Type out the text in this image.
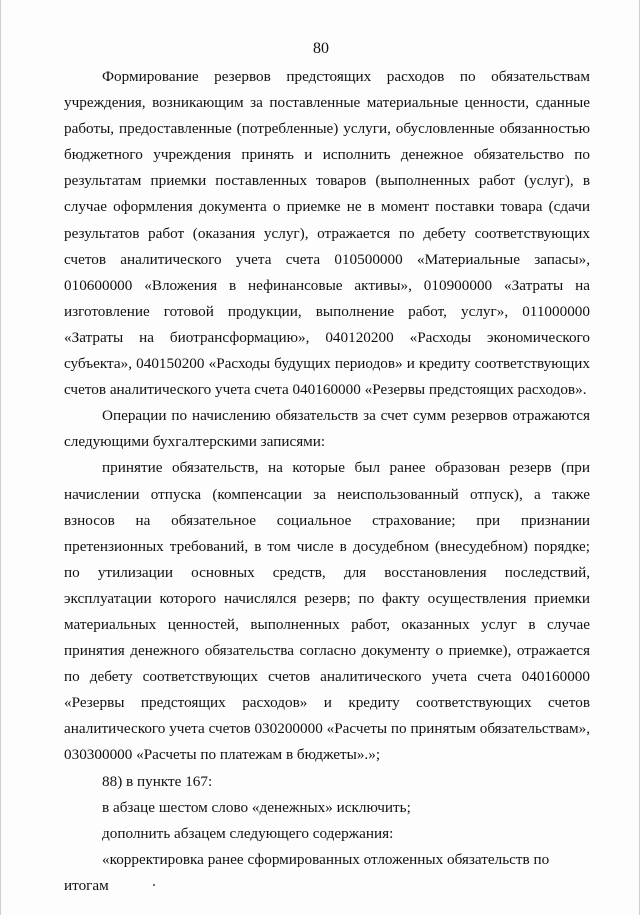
80

Формирование резервов предстоящих расходов по обязательствам учреждения, возникающим за поставленные материальные ценности, сданные работы, предоставленные (потребленные) услуги, обусловленные обязанностью бюджетного учреждения принять и исполнить денежное обязательство по результатам приемки поставленных товаров (выполненных работ (услуг), в случае оформления документа о приемке не в момент поставки товара (сдачи результатов работ (оказания услуг), отражается по дебету соответствующих счетов аналитического учета счета 010500000 «Материальные запасы», 010600000 «Вложения в нефинансовые активы», 010900000 «Затраты на изготовление готовой продукции, выполнение работ, услуг», 011000000 «Затраты на биотрансформацию», 040120200 «Расходы экономического субъекта», 040150200 «Расходы будущих периодов» и кредиту соответствующих счетов аналитического учета счета 040160000 «Резервы предстоящих расходов».

Операции по начислению обязательств за счет сумм резервов отражаются следующими бухгалтерскими записями:

принятие обязательств, на которые был ранее образован резерв (при начислении отпуска (компенсации за неиспользованный отпуск), а также взносов на обязательное социальное страхование; при признании претензионных требований, в том числе в досудебном (внесудебном) порядке; по утилизации основных средств, для восстановления последствий, эксплуатации которого начислялся резерв; по факту осуществления приемки материальных ценностей, выполненных работ, оказанных услуг в случае принятия денежного обязательства согласно документу о приемке), отражается по дебету соответствующих счетов аналитического учета счета 040160000 «Резервы предстоящих расходов» и кредиту соответствующих счетов аналитического учета счетов 030200000 «Расчеты по принятым обязательствам», 030300000 «Расчеты по платежам в бюджеты».»;

88) в пункте 167:

в абзаце шестом слово «денежных» исключить;

дополнить абзацем следующего содержания:

«корректировка ранее сформированных отложенных обязательств по итогам
